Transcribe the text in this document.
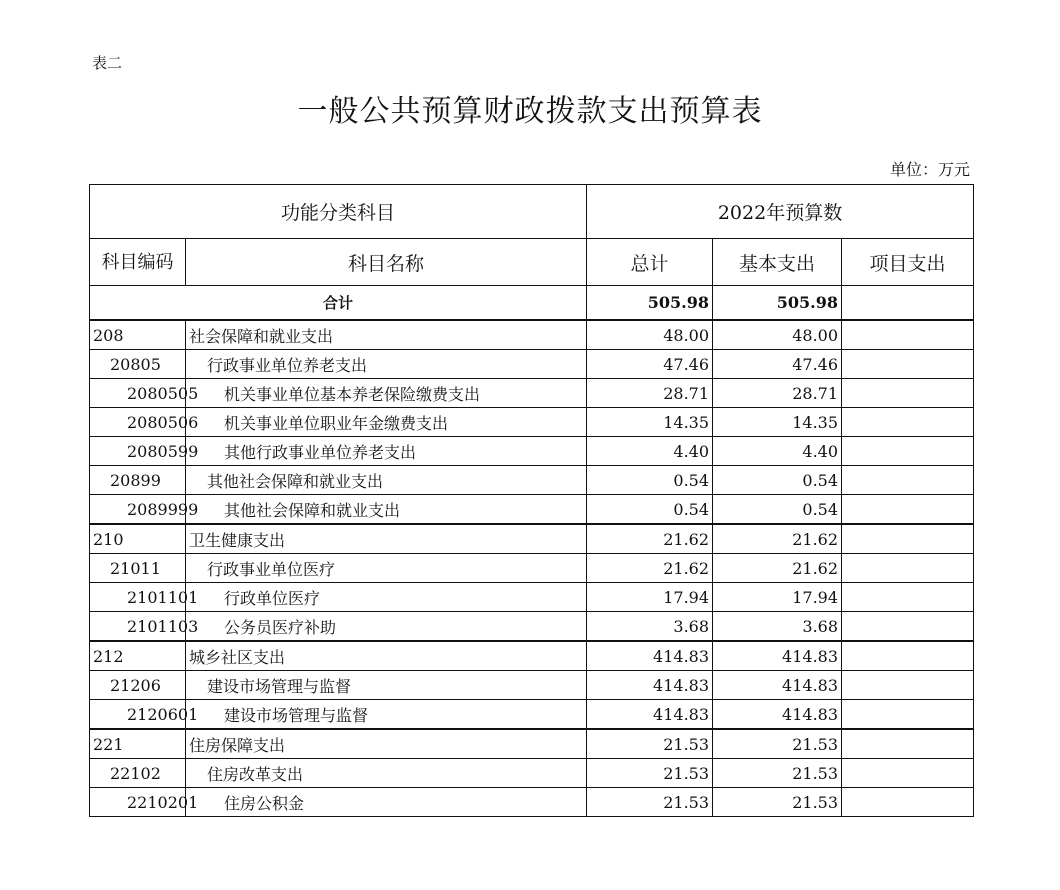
表二
一般公共预算财政拨款支出预算表
单位：万元
功能分类科目		2022年预算数		
科目编码	科目名称	总计	基本支出	项目支出
合计		505.98	505.98	
208	社会保障和就业支出	48.00	48.00	
20805	行政事业单位养老支出	47.46	47.46	
2080505	机关事业单位基本养老保险缴费支出	28.71	28.71	
2080506	机关事业单位职业年金缴费支出	14.35	14.35	
2080599	其他行政事业单位养老支出	4.40	4.40	
20899	其他社会保障和就业支出	0.54	0.54	
2089999	其他社会保障和就业支出	0.54	0.54	
210	卫生健康支出	21.62	21.62	
21011	行政事业单位医疗	21.62	21.62	
2101101	行政单位医疗	17.94	17.94	
2101103	公务员医疗补助	3.68	3.68	
212	城乡社区支出	414.83	414.83	
21206	建设市场管理与监督	414.83	414.83	
2120601	建设市场管理与监督	414.83	414.83	
221	住房保障支出	21.53	21.53	
22102	住房改革支出	21.53	21.53	
2210201	住房公积金	21.53	21.53	
